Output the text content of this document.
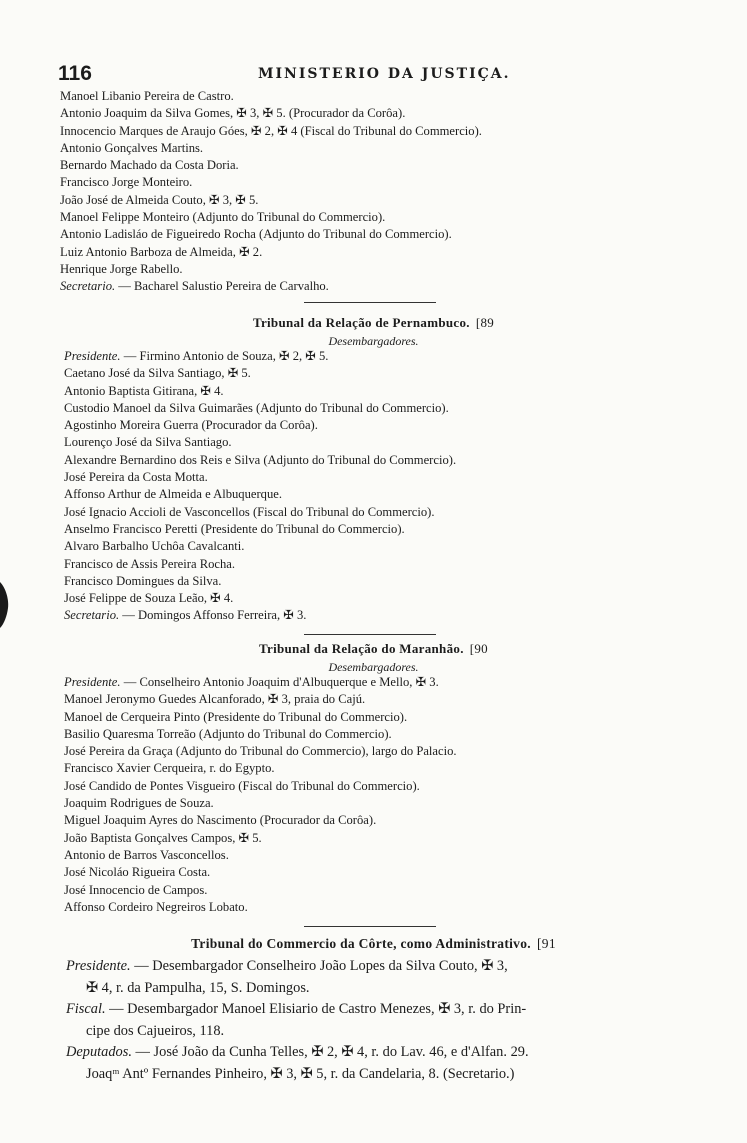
116	MINISTERIO DA JUSTIÇA.
Manoel Libanio Pereira de Castro.
Antonio Joaquim da Silva Gomes, ✠ 3, ✠ 5. (Procurador da Corôa).
Innocencio Marques de Araujo Góes, ✠ 2, ✠ 4 (Fiscal do Tribunal do Commercio).
Antonio Gonçalves Martins.
Bernardo Machado da Costa Doria.
Francisco Jorge Monteiro.
João José de Almeida Couto, ✠ 3, ✠ 5.
Manoel Felippe Monteiro (Adjunto do Tribunal do Commercio).
Antonio Ladisláo de Figueiredo Rocha (Adjunto do Tribunal do Commercio).
Luiz Antonio Barboza de Almeida, ✠ 2.
Henrique Jorge Rabello.
Secretario. — Bacharel Salustio Pereira de Carvalho.
Tribunal da Relação de Pernambuco. [89
Desembargadores.
Presidente. — Firmino Antonio de Souza, ✠ 2, ✠ 5.
Caetano José da Silva Santiago, ✠ 5.
Antonio Baptista Gitirana, ✠ 4.
Custodio Manoel da Silva Guimarães (Adjunto do Tribunal do Commercio).
Agostinho Moreira Guerra (Procurador da Corôa).
Lourenço José da Silva Santiago.
Alexandre Bernardino dos Reis e Silva (Adjunto do Tribunal do Commercio).
José Pereira da Costa Motta.
Affonso Arthur de Almeida e Albuquerque.
José Ignacio Accioli de Vasconcellos (Fiscal do Tribunal do Commercio).
Anselmo Francisco Peretti (Presidente do Tribunal do Commercio).
Alvaro Barbalho Uchôa Cavalcanti.
Francisco de Assis Pereira Rocha.
Francisco Domingues da Silva.
José Felippe de Souza Leão, ✠ 4.
Secretario. — Domingos Affonso Ferreira, ✠ 3.
Tribunal da Relação do Maranhão. [90
Desembargadores.
Presidente. — Conselheiro Antonio Joaquim d'Albuquerque e Mello, ✠ 3.
Manoel Jeronymo Guedes Alcanforado, ✠ 3, praia do Cajú.
Manoel de Cerqueira Pinto (Presidente do Tribunal do Commercio).
Basilio Quaresma Torreão (Adjunto do Tribunal do Commercio).
José Pereira da Graça (Adjunto do Tribunal do Commercio), largo do Palacio.
Francisco Xavier Cerqueira, r. do Egypto.
José Candido de Pontes Visgueiro (Fiscal do Tribunal do Commercio).
Joaquim Rodrigues de Souza.
Miguel Joaquim Ayres do Nascimento (Procurador da Corôa).
João Baptista Gonçalves Campos, ✠ 5.
Antonio de Barros Vasconcellos.
José Nicoláo Rigueira Costa.
José Innocencio de Campos.
Affonso Cordeiro Negreiros Lobato.
Tribunal do Commercio da Côrte, como Administrativo. [91
Presidente. — Desembargador Conselheiro João Lopes da Silva Couto, ✠ 3,
✠ 4, r. da Pampulha, 15, S. Domingos.
Fiscal. — Desembargador Manoel Elisiario de Castro Menezes, ✠ 3, r. do Prin-
cipe dos Cajueiros, 118.
Deputados. — José João da Cunha Telles, ✠ 2, ✠ 4, r. do Lav. 46, e d'Alfan. 29.
Joaqᵐ Antº Fernandes Pinheiro, ✠ 3, ✠ 5, r. da Candelaria, 8. (Secretario.)
